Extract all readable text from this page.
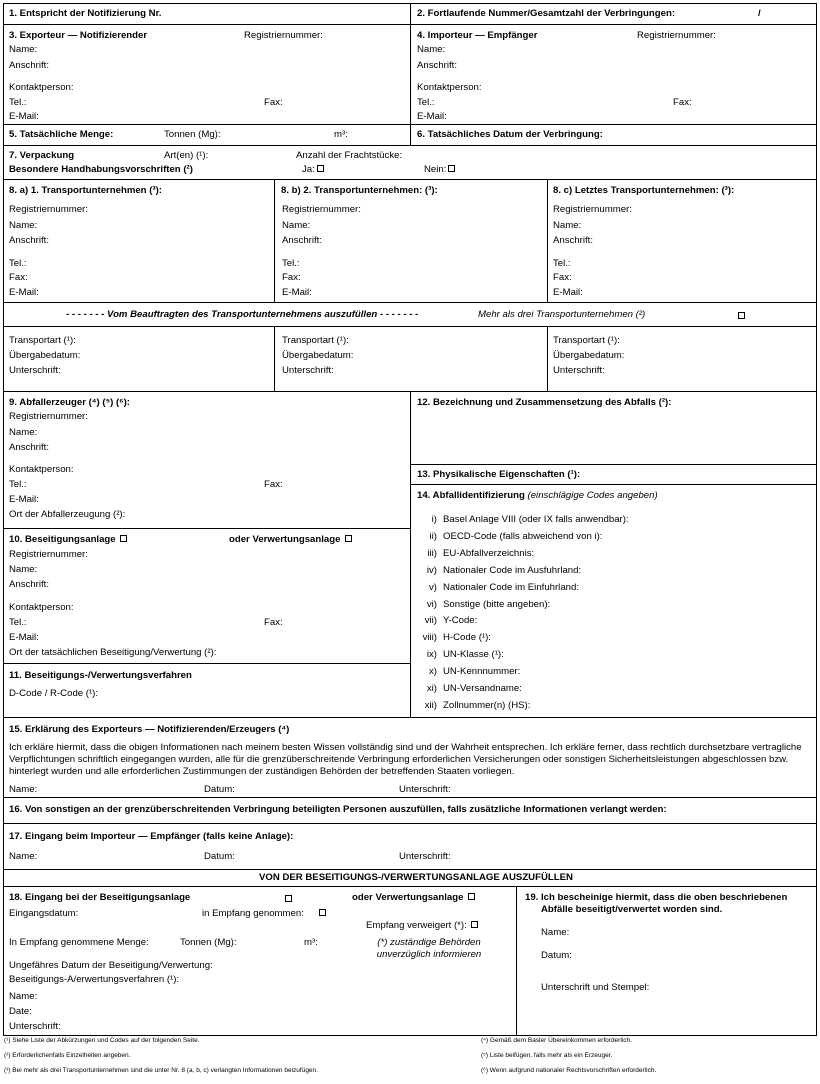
1. Entspricht der Notifizierung Nr.	2. Fortlaufende Nummer/Gesamtzahl der Verbringungen:	/
3. Exporteur — Notifizierender	Registriernummer:
Name:
Anschrift:
Kontaktperson:
Tel.:	Fax:
E-Mail:
4. Importeur — Empfänger	Registriernummer:
Name:
Anschrift:
Kontaktperson:
Tel.:	Fax:
E-Mail:
5. Tatsächliche Menge:	Tonnen (Mg):	m³:	6. Tatsächliches Datum der Verbringung:
7. Verpackung	Art(en) (¹):	Anzahl der Frachtstücke:
Besondere Handhabungsvorschriften (²)	Ja:	Nein:
8. a) 1. Transportunternehmen (³):
Registriernummer:
Name:
Anschrift:
Tel.:
Fax:
E-Mail:
8. b) 2. Transportunternehmen: (³):
Registriernummer:
Name:
Anschrift:
Tel.:
Fax:
E-Mail:
8. c) Letztes Transportunternehmen: (³):
Registriernummer:
Name:
Anschrift:
Tel.:
Fax:
E-Mail:
- - - - - - - Vom Beauftragten des Transportunternehmens auszufüllen - - - - - - -	Mehr als drei Transportunternehmen (²)
Transportart (¹):
Übergabedatum:
Unterschrift:
Transportart (¹):
Übergabedatum:
Unterschrift:
Transportart (¹):
Übergabedatum:
Unterschrift:
9. Abfallerzeuger (⁴) (⁵) (⁶):
Registriernummer:
Name:
Anschrift:
Kontaktperson:
Tel.:	Fax:
E-Mail:
Ort der Abfallerzeugung (²):
10. Beseitigungsanlage	oder Verwertungsanlage
Registriernummer:
Name:
Anschrift:
Kontaktperson:
Tel.:	Fax:
E-Mail:
Ort der tatsächlichen Beseitigung/Verwertung (²):
11. Beseitigungs-/Verwertungsverfahren
D-Code / R-Code (¹):
12. Bezeichnung und Zusammensetzung des Abfalls (²):
13. Physikalische Eigenschaften (¹):
14. Abfallidentifizierung (einschlägige Codes angeben)
i) Basel Anlage VIII (oder IX falls anwendbar):
ii) OECD-Code (falls abweichend von i):
iii) EU-Abfallverzeichnis:
iv) Nationaler Code im Ausfuhrland:
v) Nationaler Code im Einfuhrland:
vi) Sonstige (bitte angeben):
vii) Y-Code:
viii) H-Code (¹):
ix) UN-Klasse (¹):
x) UN-Kennnummer:
xi) UN-Versandname:
xii) Zollnummer(n) (HS):
15. Erklärung des Exporteurs — Notifizierenden/Erzeugers (⁴)
Ich erkläre hiermit, dass die obigen Informationen nach meinem besten Wissen vollständig sind und der Wahrheit entsprechen. Ich erkläre ferner, dass rechtlich durchsetzbare vertragliche Verpflichtungen schriftlich eingegangen wurden, alle für die grenzüberschreitende Verbringung erforderlichen Versicherungen oder sonstigen Sicherheitsleistungen abgeschlossen bzw. hinterlegt wurden und alle erforderlichen Zustimmungen der zuständigen Behörden der betreffenden Staaten vorliegen.
Name:	Datum:	Unterschrift:
16. Von sonstigen an der grenzüberschreitenden Verbringung beteiligten Personen auszufüllen, falls zusätzliche Informationen verlangt werden:
17. Eingang beim Importeur — Empfänger (falls keine Anlage):
Name:	Datum:	Unterschrift:
VON DER BESEITIGUNGS-/VERWERTUNGSANLAGE AUSZUFÜLLEN
18. Eingang bei der Beseitigungsanlage	oder Verwertungsanlage
Eingangsdatum:	in Empfang genommen:
Empfang verweigert (*):
In Empfang genommene Menge:	Tonnen (Mg):	m³:	(*) zuständige Behörden unverzüglich informieren
Ungefähres Datum der Beseitigung/Verwertung:
Beseitigungs-A/erwertungsverfahren (¹):
Name:
Date:
Unterschrift:
19. Ich bescheinige hiermit, dass die oben beschriebenen Abfälle beseitigt/verwertet worden sind.
Name:
Datum:
Unterschrift und Stempel:
(¹) Siehe Liste der Abkürzungen und Codes auf der folgenden Seite.
(²) Erforderlichenfalls Einzelheiten angeben.
(³) Bei mehr als drei Transportunternehmen sind die unter Nr. 8 (a, b, c) verlangten Informationen beizufügen.
(⁴) Gemäß dem Basler Übereinkommen erforderlich.
(⁵) Liste beifügen, falls mehr als ein Erzeuger.
(⁶) Wenn aufgrund nationaler Rechtsvorschriften erforderlich.
